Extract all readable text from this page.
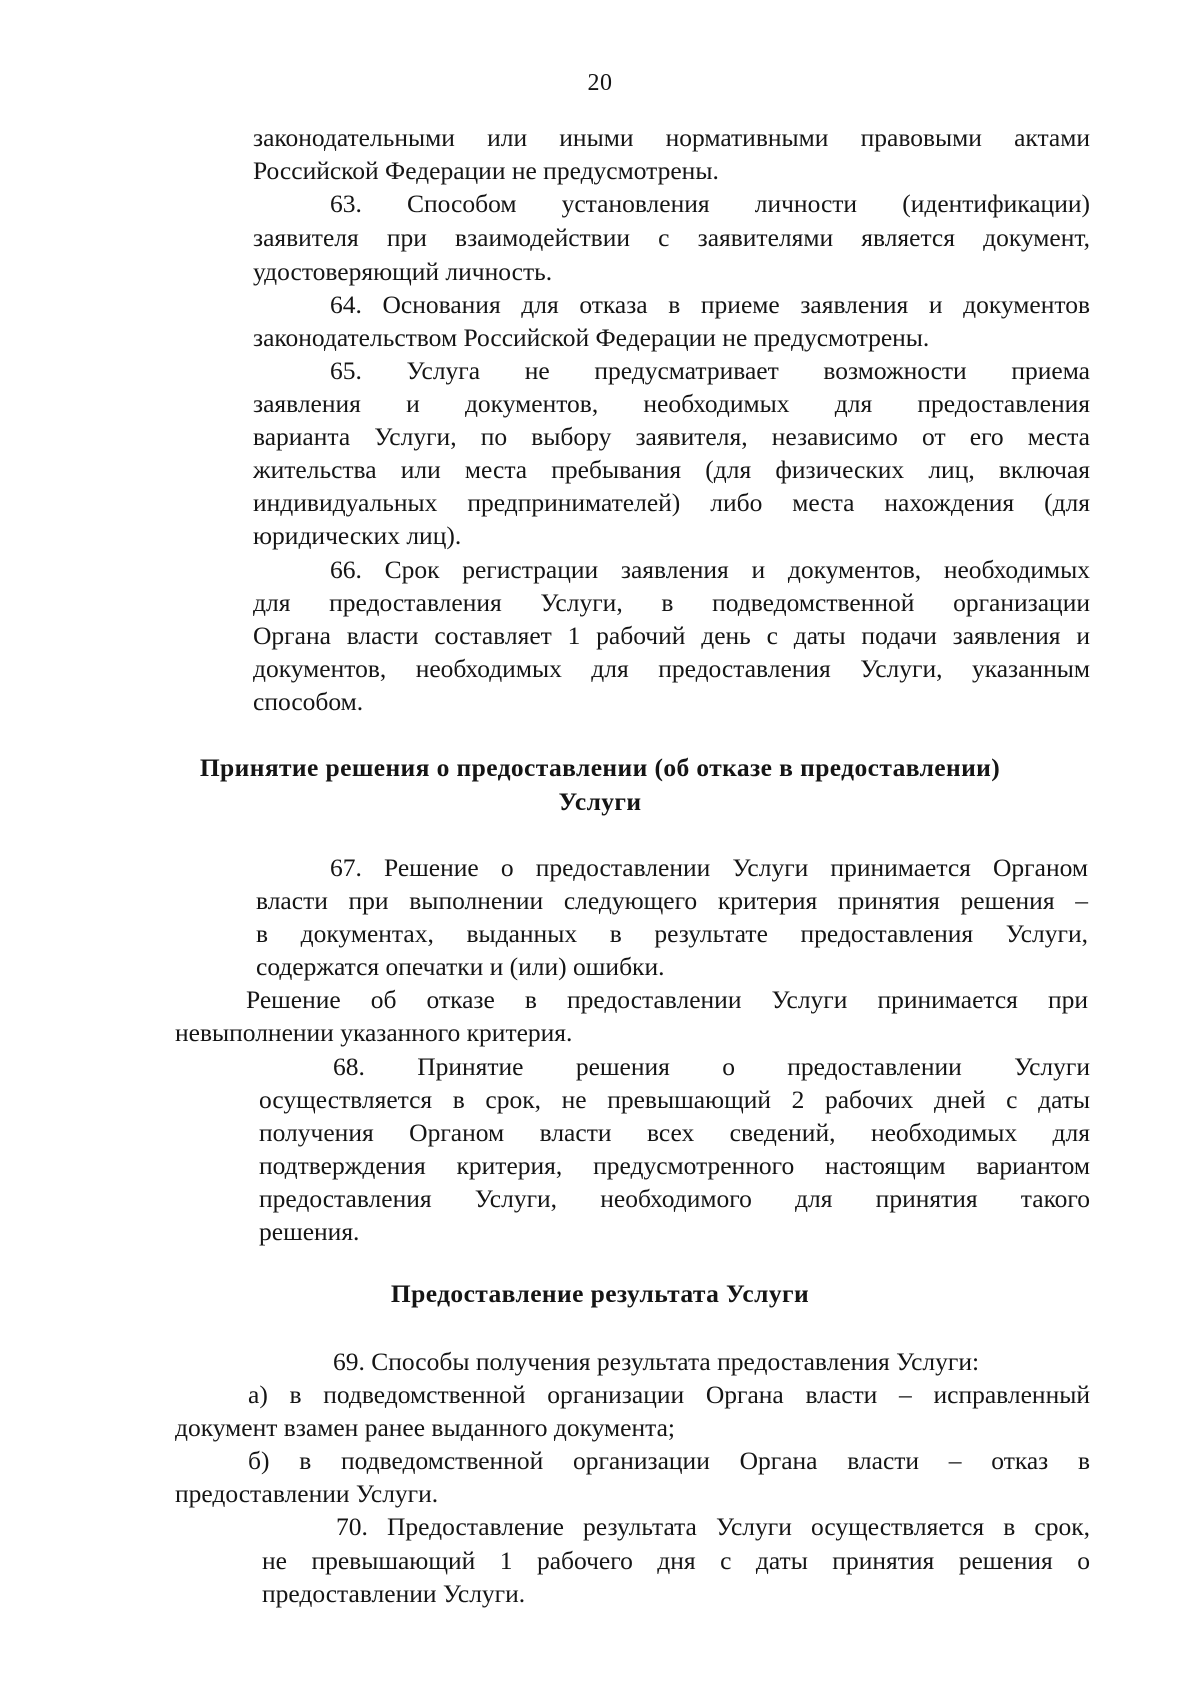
20
законодательными или иными нормативными правовыми актами
Российской Федерации не предусмотрены.
63. Способом установления личности (идентификации)
заявителя при взаимодействии с заявителями является документ,
удостоверяющий личность.
64. Основания для отказа в приеме заявления и документов
законодательством Российской Федерации не предусмотрены.
65. Услуга не предусматривает возможности приема
заявления и документов, необходимых для предоставления
варианта Услуги, по выбору заявителя, независимо от его места
жительства или места пребывания (для физических лиц, включая
индивидуальных предпринимателей) либо места нахождения (для
юридических лиц).
66. Срок регистрации заявления и документов, необходимых
для предоставления Услуги, в подведомственной организации
Органа власти составляет 1 рабочий день с даты подачи заявления и
документов, необходимых для предоставления Услуги, указанным
способом.
Принятие решения о предоставлении (об отказе в предоставлении)
Услуги
67. Решение о предоставлении Услуги принимается Органом
власти при выполнении следующего критерия принятия решения –
в документах, выданных в результате предоставления Услуги,
содержатся опечатки и (или) ошибки.
Решение об отказе в предоставлении Услуги принимается при
невыполнении указанного критерия.
68. Принятие решения о предоставлении Услуги
осуществляется в срок, не превышающий 2 рабочих дней с даты
получения Органом власти всех сведений, необходимых для
подтверждения критерия, предусмотренного настоящим вариантом
предоставления Услуги, необходимого для принятия такого
решения.
Предоставление результата Услуги
69. Способы получения результата предоставления Услуги:
а) в подведомственной организации Органа власти – исправленный
документ взамен ранее выданного документа;
б) в подведомственной организации Органа власти – отказ в
предоставлении Услуги.
70. Предоставление результата Услуги осуществляется в срок,
не превышающий 1 рабочего дня с даты принятия решения о
предоставлении Услуги.
